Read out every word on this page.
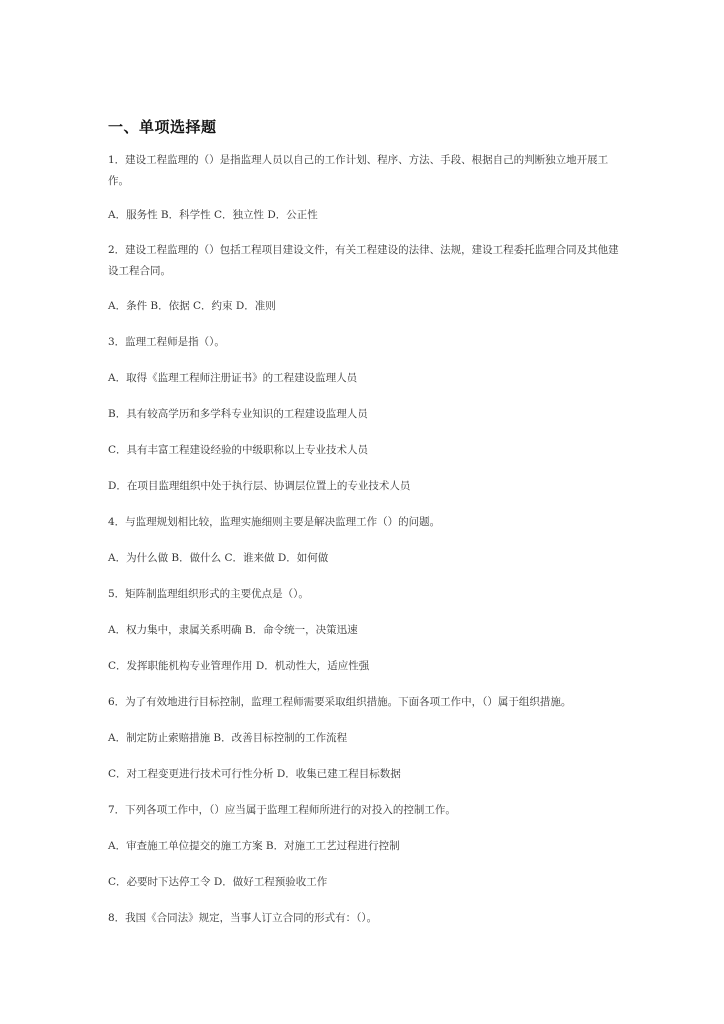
一、单项选择题
1．建设工程监理的（）是指监理人员以自己的工作计划、程序、方法、手段、根据自己的判断独立地开展工作。
A．服务性 B．科学性 C．独立性 D．公正性
2．建设工程监理的（）包括工程项目建设文件，有关工程建设的法律、法规，建设工程委托监理合同及其他建设工程合同。
A．条件 B．依据 C．约束 D．准则
3．监理工程师是指（）。
A．取得《监理工程师注册证书》的工程建设监理人员
B．具有较高学历和多学科专业知识的工程建设监理人员
C．具有丰富工程建设经验的中级职称以上专业技术人员
D．在项目监理组织中处于执行层、协调层位置上的专业技术人员
4．与监理规划相比较，监理实施细则主要是解决监理工作（）的问题。
A．为什么做 B．做什么 C．谁来做 D．如何做
5．矩阵制监理组织形式的主要优点是（）。
A．权力集中，隶属关系明确 B．命令统一，决策迅速
C．发挥职能机构专业管理作用 D．机动性大，适应性强
6．为了有效地进行目标控制，监理工程师需要采取组织措施。下面各项工作中，（）属于组织措施。
A．制定防止索赔措施 B．改善目标控制的工作流程
C．对工程变更进行技术可行性分析 D．收集已建工程目标数据
7．下列各项工作中，（）应当属于监理工程师所进行的对投入的控制工作。
A．审查施工单位提交的施工方案 B．对施工工艺过程进行控制
C．必要时下达停工令 D．做好工程预验收工作
8．我国《合同法》规定，当事人订立合同的形式有：（）。
